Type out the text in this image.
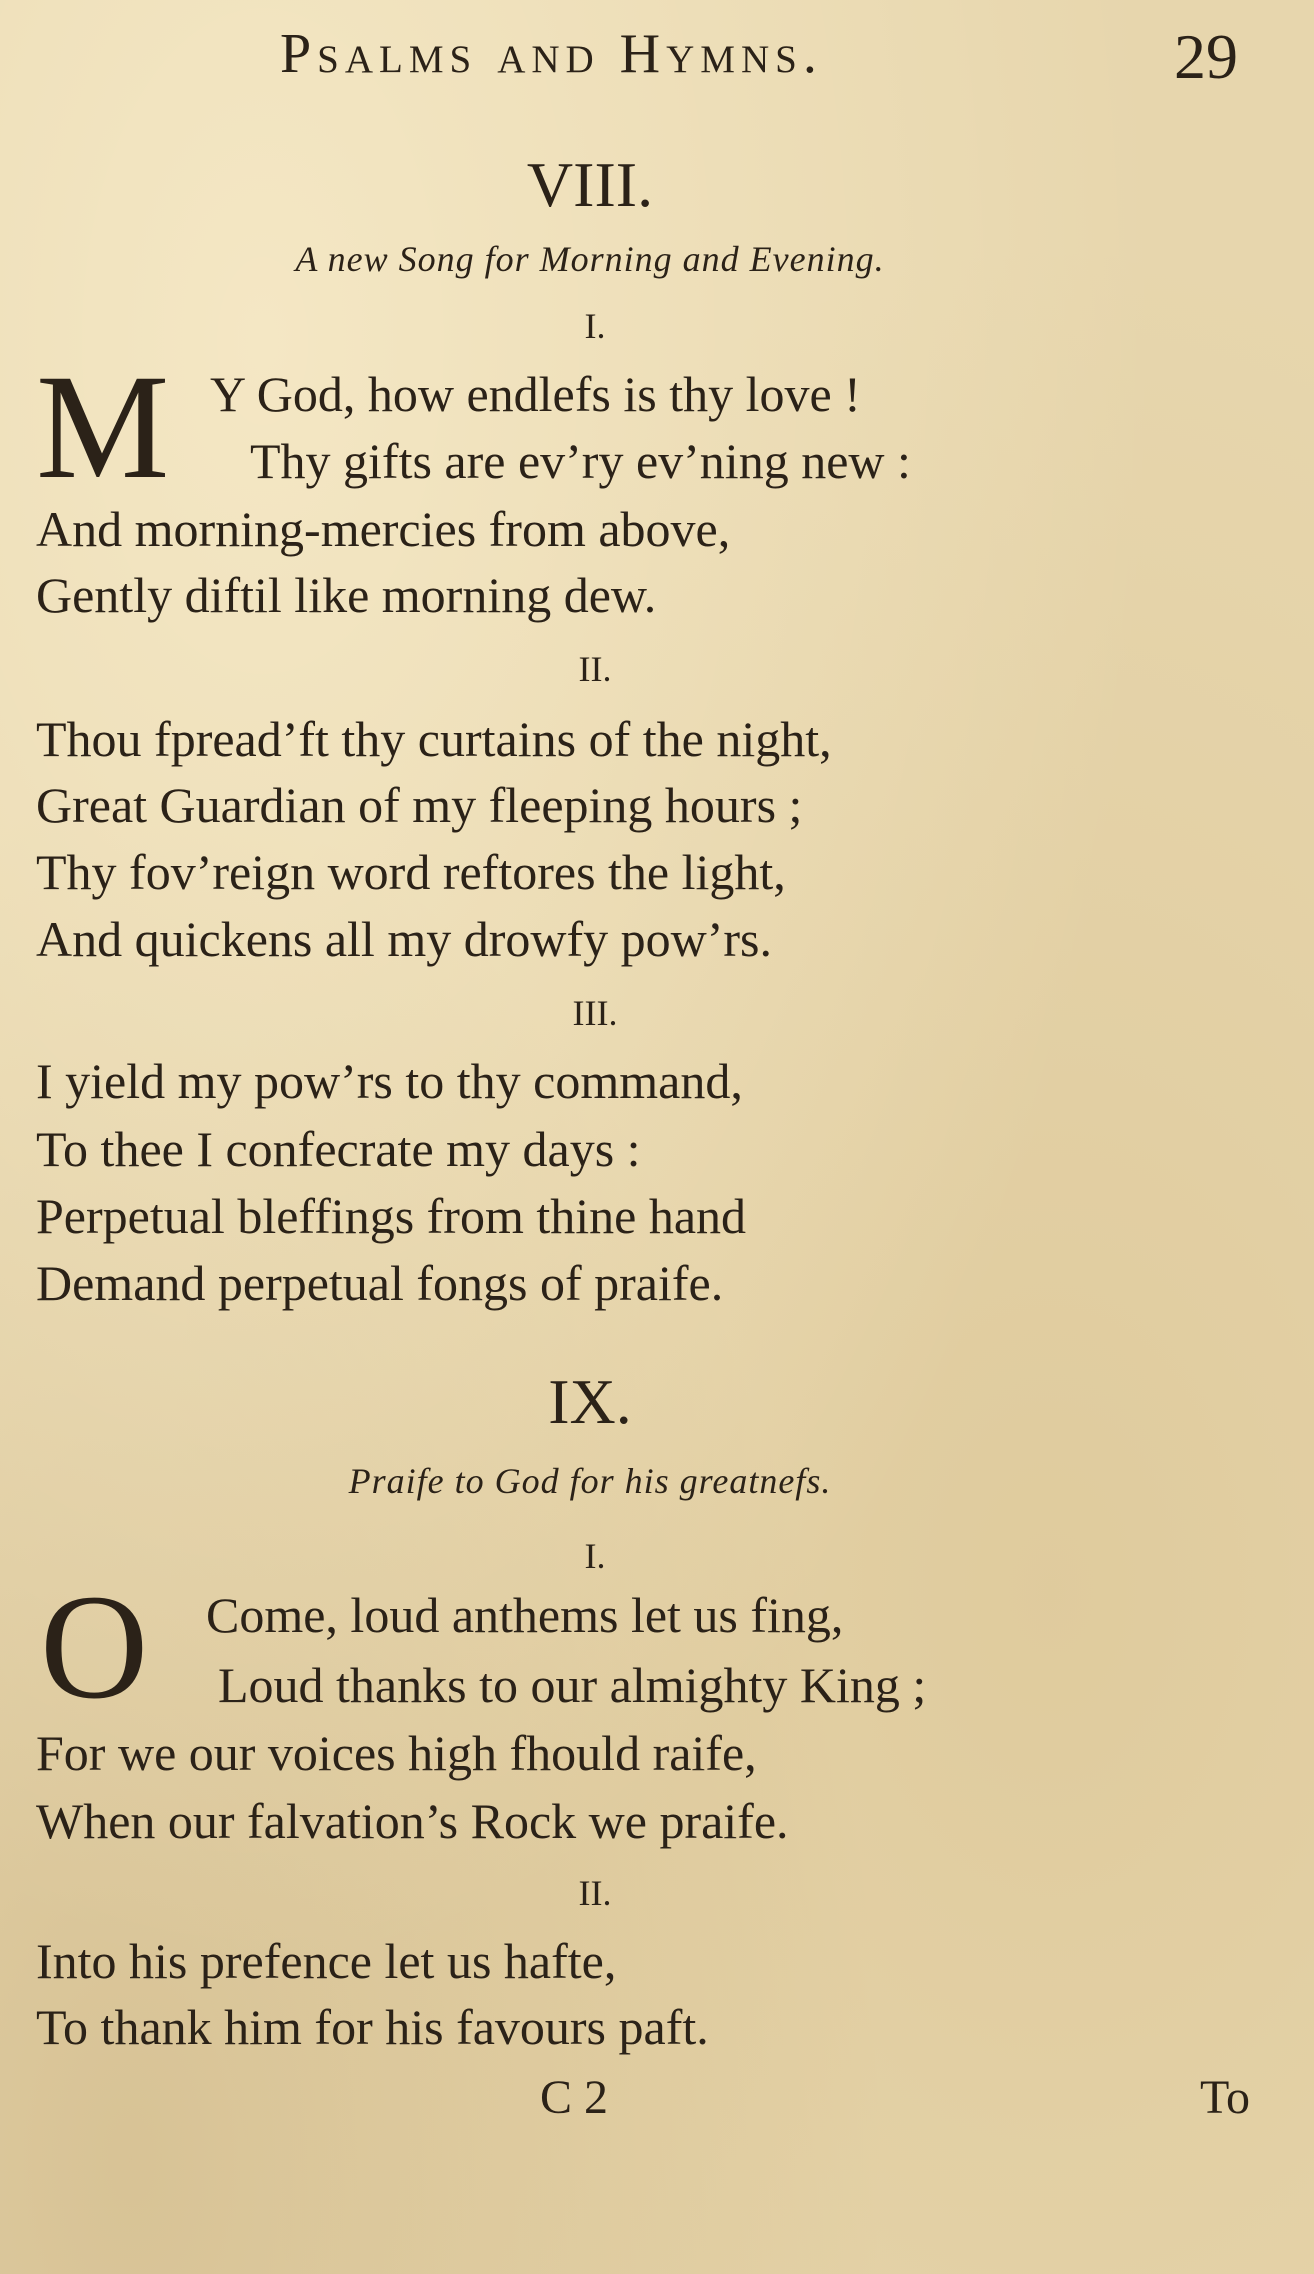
Psalms and Hymns.	29
VIII.
A new Song for Morning and Evening.
I.
M Y God, how endlefs is thy love !
Thy gifts are ev’ry ev’ning new :
And morning-mercies from above,
Gently diftil like morning dew.
II.
Thou fpread’ft thy curtains of the night,
Great Guardian of my fleeping hours ;
Thy fov’reign word reftores the light,
And quickens all my drowfy pow’rs.
III.
I yield my pow’rs to thy command,
To thee I confecrate my days :
Perpetual bleffings from thine hand
Demand perpetual fongs of praife.
IX.
Praife to God for his greatnefs.
I.
O Come, loud anthems let us fing,
Loud thanks to our almighty King ;
For we our voices high fhould raife,
When our falvation’s Rock we praife.
II.
Into his prefence let us hafte,
To thank him for his favours paft.
C 2	To
